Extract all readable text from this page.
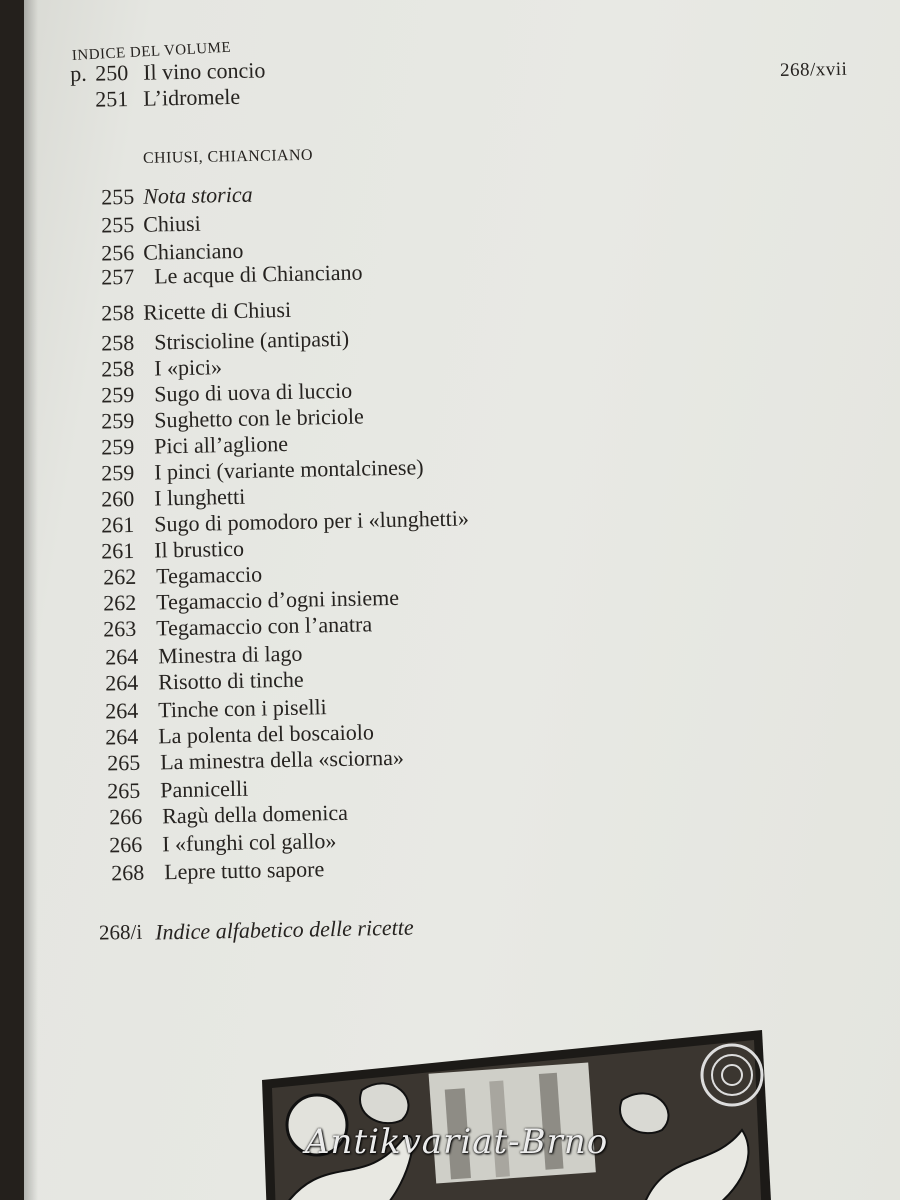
INDICE DEL VOLUME
268/xvii
p. 250 Il vino concio
251 L’idromele
CHIUSI, CHIANCIANO
255 Nota storica
255 Chiusi
256 Chianciano
257 Le acque di Chianciano
258 Ricette di Chiusi
258 Striscioline (antipasti)
258 I «pici»
259 Sugo di uova di luccio
259 Sughetto con le briciole
259 Pici all’aglione
259 I pinci (variante montalcinese)
260 I lunghetti
261 Sugo di pomodoro per i «lunghetti»
261 Il brustico
262 Tegamaccio
262 Tegamaccio d’ogni insieme
263 Tegamaccio con l’anatra
264 Minestra di lago
264 Risotto di tinche
264 Tinche con i piselli
264 La polenta del boscaiolo
265 La minestra della «sciorna»
265 Pannicelli
266 Ragù della domenica
266 I «funghi col gallo»
268 Lepre tutto sapore
268/i Indice alfabetico delle ricette
Antikvariat-Brno
